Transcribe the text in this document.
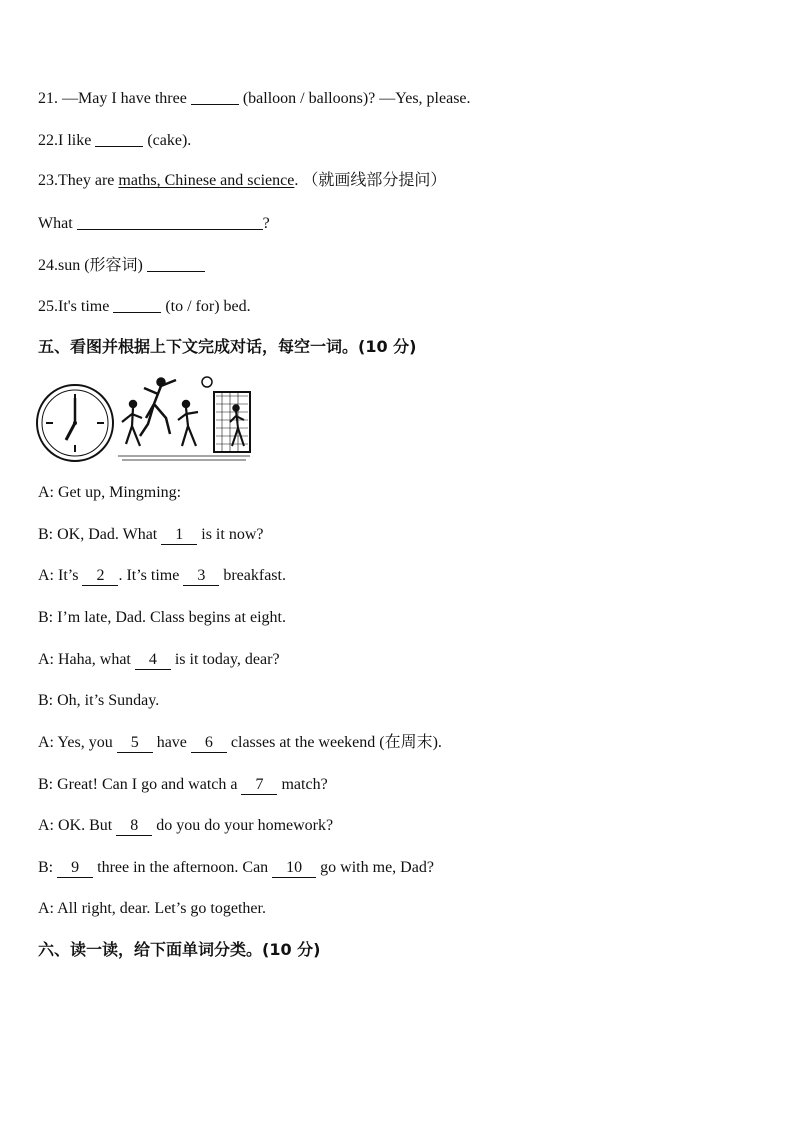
21. —May I have three	(balloon / balloons)? —Yes, please.
22.I like	(cake).
23.They are maths, Chinese and science. （就画线部分提问）
What	?
24.sun (形容词)
25.It's time	(to / for) bed.
五、看图并根据上下文完成对话，每空一词。(10 分)
A: Get up, Mingming:
B: OK, Dad. What 1 is it now?
A: It’s 2 . It’s time 3 breakfast.
B: I’m late, Dad. Class begins at eight.
A: Haha, what 4 is it today, dear?
B: Oh, it’s Sunday.
A: Yes, you 5 have 6 classes at the weekend (在周末).
B: Great! Can I go and watch a 7 match?
A: OK. But 8 do you do your homework?
B: 9 three in the afternoon. Can 10 go with me, Dad?
A: All right, dear. Let’s go together.
六、读一读，给下面单词分类。(10 分)
